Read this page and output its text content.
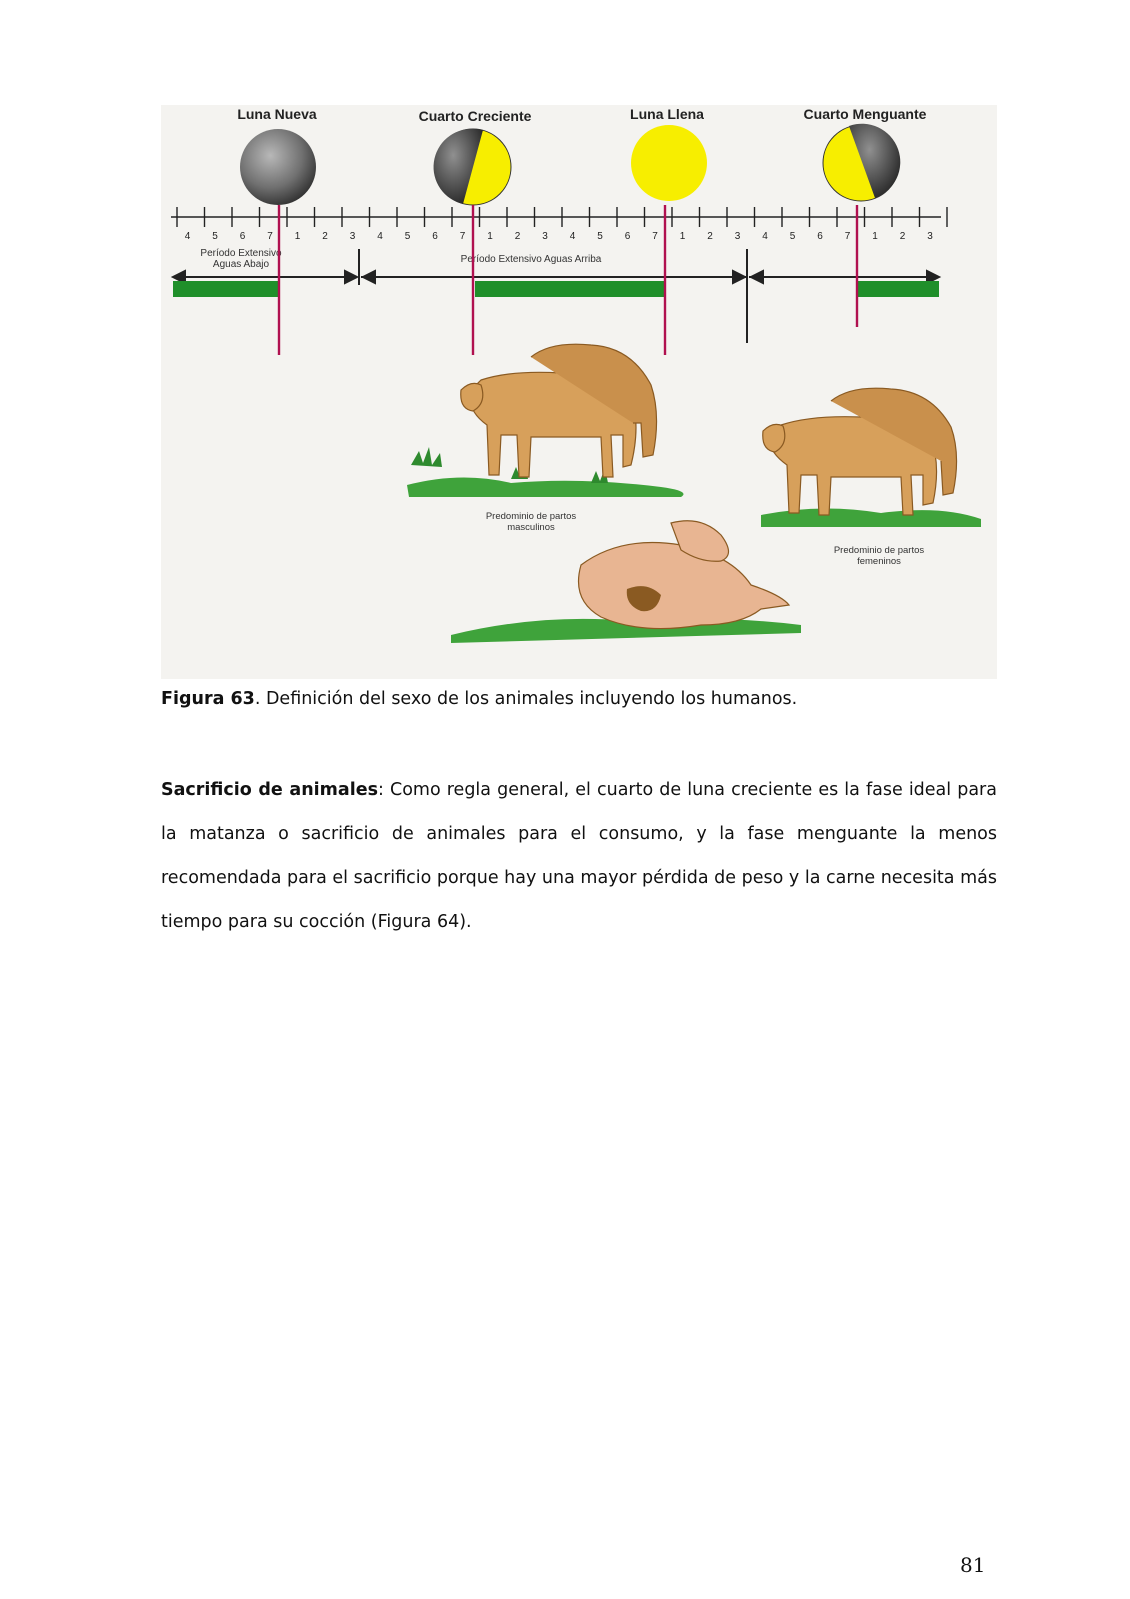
Luna Nueva	Cuarto Creciente	Luna Llena	Cuarto Menguante
4 5 6 7 1 2 3 4 5 6 7 1 2 3 4 5 6 7 1 2 3 4 5 6 7 1 2 3
Período Extensivo
Aguas Abajo	Período Extensivo Aguas Arriba
Predominio de partos
masculinos
Predominio de partos
femeninos
Figura 63. Definición del sexo de los animales incluyendo los humanos.
Sacrificio de animales: Como regla general, el cuarto de luna creciente es la fase ideal para la matanza o sacrificio de animales para el consumo, y la fase menguante la menos recomendada para el sacrificio porque hay una mayor pérdida de peso y la carne necesita más tiempo para su cocción (Figura 64).
81
